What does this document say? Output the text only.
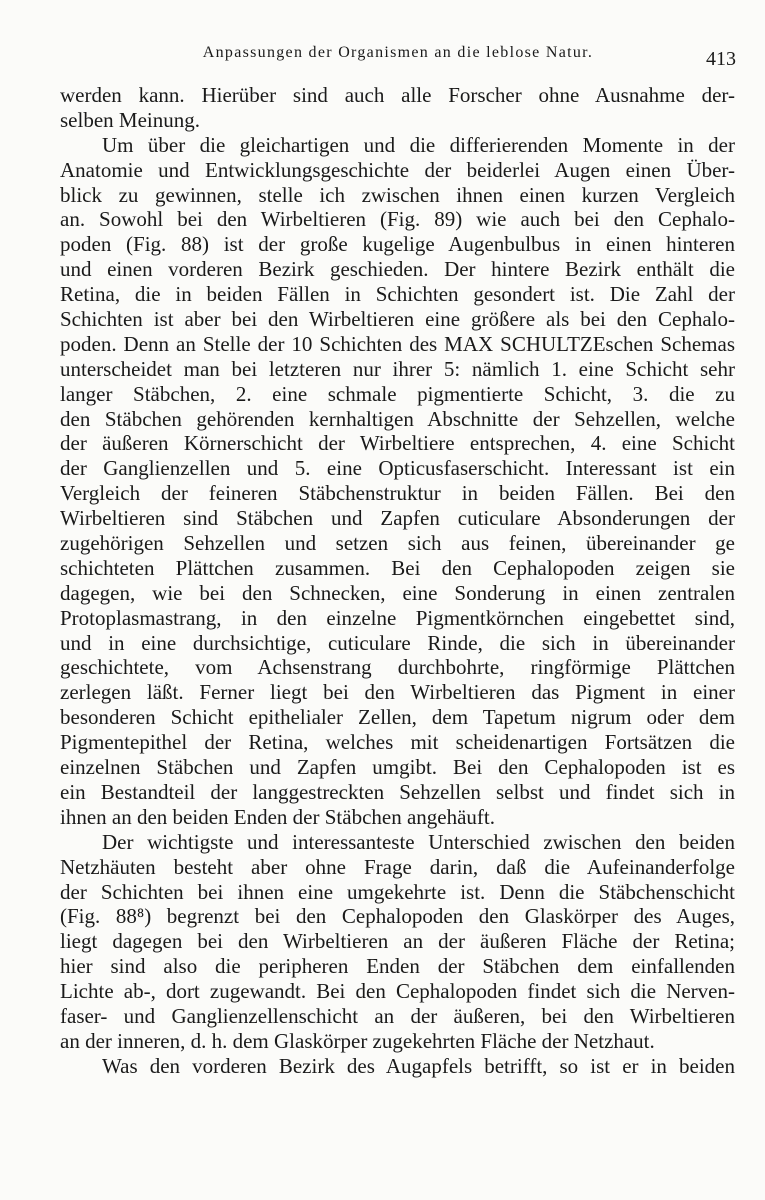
Anpassungen der Organismen an die leblose Natur.	413
werden kann. Hierüber sind auch alle Forscher ohne Ausnahme der-
selben Meinung.
Um über die gleichartigen und die differierenden Momente in der
Anatomie und Entwicklungsgeschichte der beiderlei Augen einen Über-
blick zu gewinnen, stelle ich zwischen ihnen einen kurzen Vergleich
an. Sowohl bei den Wirbeltieren (Fig. 89) wie auch bei den Cephalo-
poden (Fig. 88) ist der große kugelige Augenbulbus in einen hinteren
und einen vorderen Bezirk geschieden. Der hintere Bezirk enthält die
Retina, die in beiden Fällen in Schichten gesondert ist. Die Zahl der
Schichten ist aber bei den Wirbeltieren eine größere als bei den Cephalo-
poden. Denn an Stelle der 10 Schichten des MAX SCHULTZEschen Schemas
unterscheidet man bei letzteren nur ihrer 5: nämlich 1. eine Schicht sehr
langer Stäbchen, 2. eine schmale pigmentierte Schicht, 3. die zu
den Stäbchen gehörenden kernhaltigen Abschnitte der Sehzellen, welche
der äußeren Körnerschicht der Wirbeltiere entsprechen, 4. eine Schicht
der Ganglienzellen und 5. eine Opticusfaserschicht. Interessant ist ein
Vergleich der feineren Stäbchenstruktur in beiden Fällen. Bei den
Wirbeltieren sind Stäbchen und Zapfen cuticulare Absonderungen der
zugehörigen Sehzellen und setzen sich aus feinen, übereinander ge
schichteten Plättchen zusammen. Bei den Cephalopoden zeigen sie
dagegen, wie bei den Schnecken, eine Sonderung in einen zentralen
Protoplasmastrang, in den einzelne Pigmentkörnchen eingebettet sind,
und in eine durchsichtige, cuticulare Rinde, die sich in übereinander
geschichtete, vom Achsenstrang durchbohrte, ringförmige Plättchen
zerlegen läßt. Ferner liegt bei den Wirbeltieren das Pigment in einer
besonderen Schicht epithelialer Zellen, dem Tapetum nigrum oder dem
Pigmentepithel der Retina, welches mit scheidenartigen Fortsätzen die
einzelnen Stäbchen und Zapfen umgibt. Bei den Cephalopoden ist es
ein Bestandteil der langgestreckten Sehzellen selbst und findet sich in
ihnen an den beiden Enden der Stäbchen angehäuft.
Der wichtigste und interessanteste Unterschied zwischen den beiden
Netzhäuten besteht aber ohne Frage darin, daß die Aufeinanderfolge
der Schichten bei ihnen eine umgekehrte ist. Denn die Stäbchenschicht
(Fig. 88⁸) begrenzt bei den Cephalopoden den Glaskörper des Auges,
liegt dagegen bei den Wirbeltieren an der äußeren Fläche der Retina;
hier sind also die peripheren Enden der Stäbchen dem einfallenden
Lichte ab-, dort zugewandt. Bei den Cephalopoden findet sich die Nerven-
faser- und Ganglienzellenschicht an der äußeren, bei den Wirbeltieren
an der inneren, d. h. dem Glaskörper zugekehrten Fläche der Netzhaut.
Was den vorderen Bezirk des Augapfels betrifft, so ist er in beiden
